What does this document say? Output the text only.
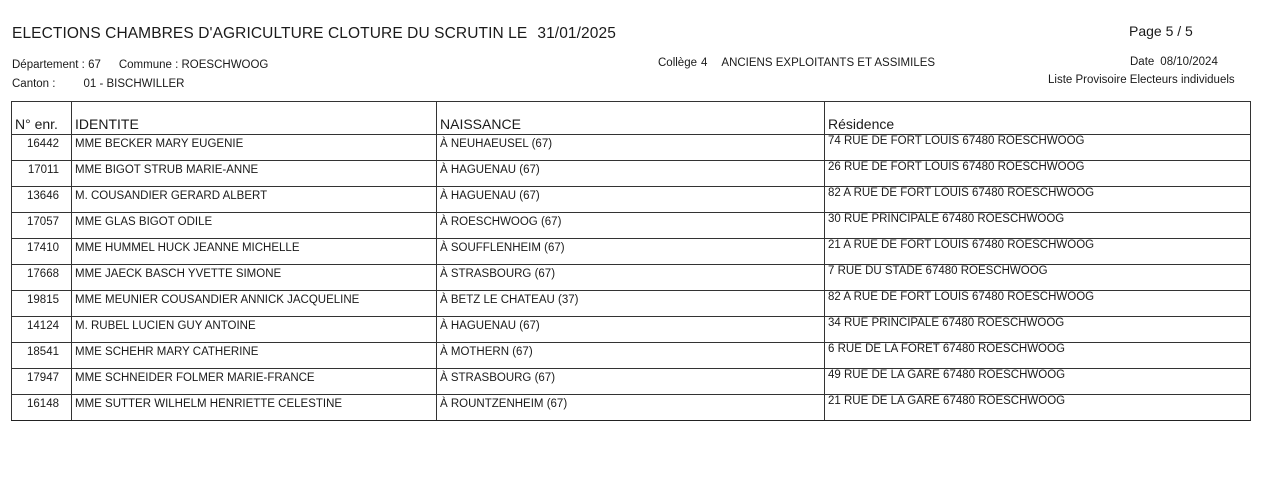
ELECTIONS CHAMBRES D'AGRICULTURE CLOTURE DU SCRUTIN LE 31/01/2025	Page 5 / 5
Département : 67 Commune : ROESCHWOOG
Canton : 01 - BISCHWILLER
Collège 4 ANCIENS EXPLOITANTS ET ASSIMILES	Date 08/10/2024
Liste Provisoire Electeurs individuels
N° enr.	IDENTITE	NAISSANCE	Résidence
16442	MME BECKER MARY EUGENIE	À NEUHAEUSEL (67)	74 RUE DE FORT LOUIS 67480 ROESCHWOOG
17011	MME BIGOT STRUB MARIE-ANNE	À HAGUENAU (67)	26 RUE DE FORT LOUIS 67480 ROESCHWOOG
13646	M. COUSANDIER GERARD ALBERT	À HAGUENAU (67)	82 A RUE DE FORT LOUIS 67480 ROESCHWOOG
17057	MME GLAS BIGOT ODILE	À ROESCHWOOG (67)	30 RUE PRINCIPALE 67480 ROESCHWOOG
17410	MME HUMMEL HUCK JEANNE MICHELLE	À SOUFFLENHEIM (67)	21 A RUE DE FORT LOUIS 67480 ROESCHWOOG
17668	MME JAECK BASCH YVETTE SIMONE	À STRASBOURG (67)	7 RUE DU STADE 67480 ROESCHWOOG
19815	MME MEUNIER COUSANDIER ANNICK JACQUELINE	À BETZ LE CHATEAU (37)	82 A RUE DE FORT LOUIS 67480 ROESCHWOOG
14124	M. RUBEL LUCIEN GUY ANTOINE	À HAGUENAU (67)	34 RUE PRINCIPALE 67480 ROESCHWOOG
18541	MME SCHEHR MARY CATHERINE	À MOTHERN (67)	6 RUE DE LA FORET 67480 ROESCHWOOG
17947	MME SCHNEIDER FOLMER MARIE-FRANCE	À STRASBOURG (67)	49 RUE DE LA GARE 67480 ROESCHWOOG
16148	MME SUTTER WILHELM HENRIETTE CELESTINE	À ROUNTZENHEIM (67)	21 RUE DE LA GARE 67480 ROESCHWOOG
